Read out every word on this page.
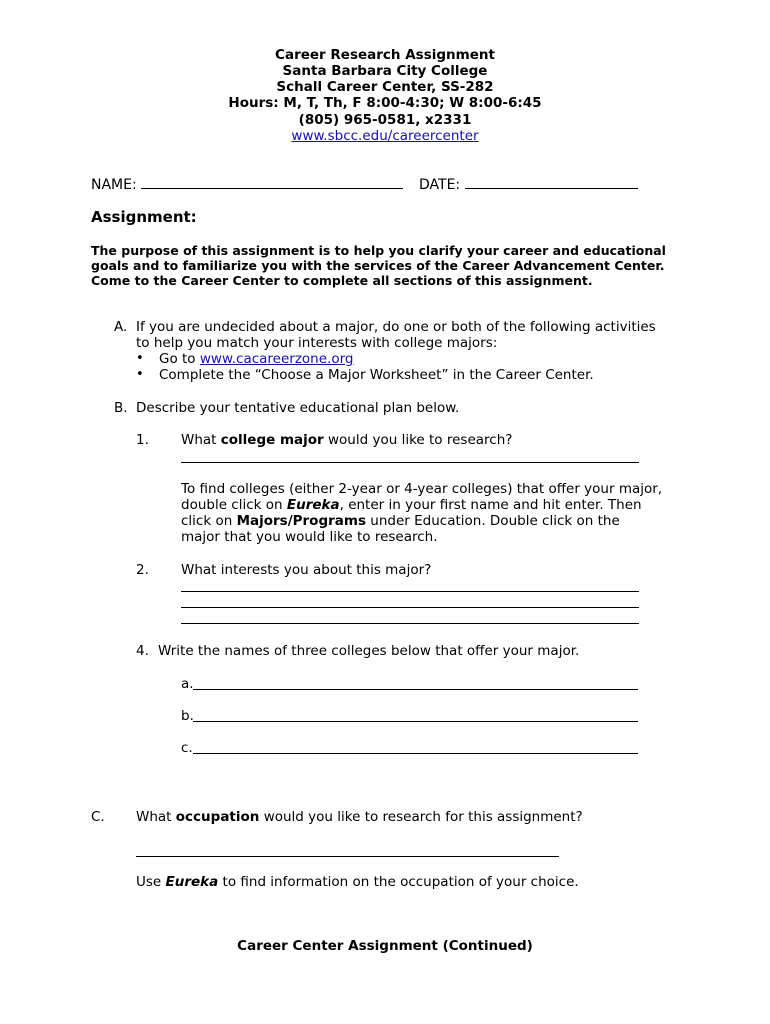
Career Research Assignment
Santa Barbara City College
Schall Career Center, SS-282
Hours: M, T, Th, F 8:00-4:30; W 8:00-6:45
(805) 965-0581, x2331
www.sbcc.edu/careercenter
NAME:	DATE:
Assignment:
The purpose of this assignment is to help you clarify your career and educational
goals and to familiarize you with the services of the Career Advancement Center.
Come to the Career Center to complete all sections of this assignment.
A. If you are undecided about a major, do one or both of the following activities
to help you match your interests with college majors:
• Go to www.cacareerzone.org
• Complete the “Choose a Major Worksheet” in the Career Center.
B. Describe your tentative educational plan below.
1. What college major would you like to research?
To find colleges (either 2-year or 4-year colleges) that offer your major,
double click on Eureka, enter in your first name and hit enter. Then
click on Majors/Programs under Education. Double click on the
major that you would like to research.
2. What interests you about this major?
4. Write the names of three colleges below that offer your major.
a.
b.
c.
C. What occupation would you like to research for this assignment?
Use Eureka to find information on the occupation of your choice.
Career Center Assignment (Continued)
